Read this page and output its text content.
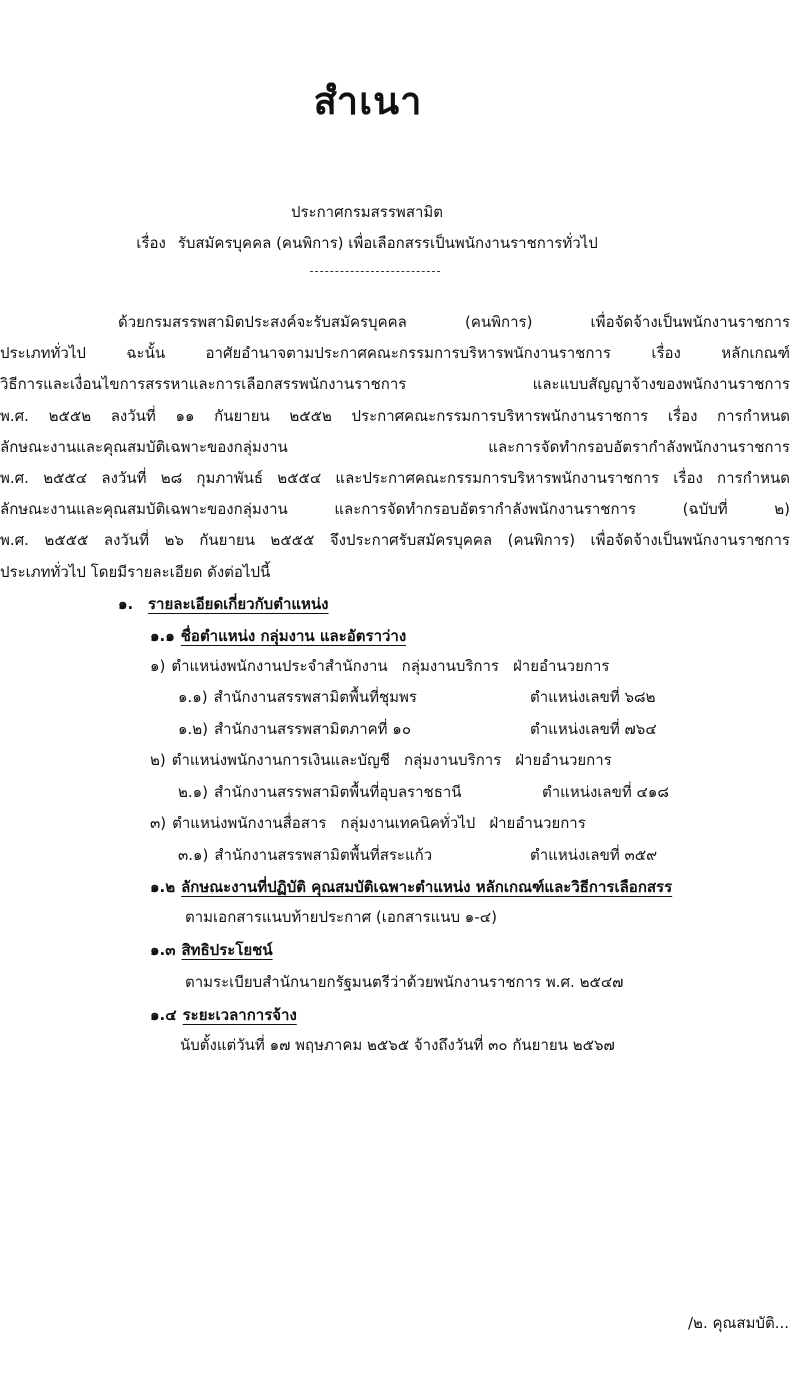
สำเนา
ประกาศกรมสรรพสามิต
เรื่อง รับสมัครบุคคล (คนพิการ) เพื่อเลือกสรรเป็นพนักงานราชการทั่วไป
ด้วยกรมสรรพสามิตประสงค์จะรับสมัครบุคคล (คนพิการ) เพื่อจัดจ้างเป็นพนักงานราชการ
ประเภททั่วไป ฉะนั้น อาศัยอำนาจตามประกาศคณะกรรมการบริหารพนักงานราชการ เรื่อง หลักเกณฑ์
วิธีการและเงื่อนไขการสรรหาและการเลือกสรรพนักงานราชการ และแบบสัญญาจ้างของพนักงานราชการ
พ.ศ. ๒๕๕๒ ลงวันที่ ๑๑ กันยายน ๒๕๕๒ ประกาศคณะกรรมการบริหารพนักงานราชการ เรื่อง การกำหนด
ลักษณะงานและคุณสมบัติเฉพาะของกลุ่มงาน และการจัดทำกรอบอัตรากำลังพนักงานราชการ
พ.ศ. ๒๕๕๔ ลงวันที่ ๒๘ กุมภาพันธ์ ๒๕๕๔ และประกาศคณะกรรมการบริหารพนักงานราชการ เรื่อง การกำหนด
ลักษณะงานและคุณสมบัติเฉพาะของกลุ่มงาน และการจัดทำกรอบอัตรากำลังพนักงานราชการ (ฉบับที่ ๒)
พ.ศ. ๒๕๕๕ ลงวันที่ ๒๖ กันยายน ๒๕๕๕ จึงประกาศรับสมัครบุคคล (คนพิการ) เพื่อจัดจ้างเป็นพนักงานราชการ
ประเภททั่วไป โดยมีรายละเอียด ดังต่อไปนี้
๑. รายละเอียดเกี่ยวกับตำแหน่ง
๑.๑ ชื่อตำแหน่ง กลุ่มงาน และอัตราว่าง
๑) ตำแหน่งพนักงานประจำสำนักงาน กลุ่มงานบริการ ฝ่ายอำนวยการ
๑.๑) สำนักงานสรรพสามิตพื้นที่ชุมพร	ตำแหน่งเลขที่ ๖๘๒
๑.๒) สำนักงานสรรพสามิตภาคที่ ๑๐	ตำแหน่งเลขที่ ๗๖๔
๒) ตำแหน่งพนักงานการเงินและบัญชี กลุ่มงานบริการ ฝ่ายอำนวยการ
๒.๑) สำนักงานสรรพสามิตพื้นที่อุบลราชธานี	ตำแหน่งเลขที่ ๔๑๘
๓) ตำแหน่งพนักงานสื่อสาร กลุ่มงานเทคนิคทั่วไป ฝ่ายอำนวยการ
๓.๑) สำนักงานสรรพสามิตพื้นที่สระแก้ว	ตำแหน่งเลขที่ ๓๕๙
๑.๒ ลักษณะงานที่ปฏิบัติ คุณสมบัติเฉพาะตำแหน่ง หลักเกณฑ์และวิธีการเลือกสรร
ตามเอกสารแนบท้ายประกาศ (เอกสารแนบ ๑-๔)
๑.๓ สิทธิประโยชน์
ตามระเบียบสำนักนายกรัฐมนตรีว่าด้วยพนักงานราชการ พ.ศ. ๒๕๔๗
๑.๔ ระยะเวลาการจ้าง
นับตั้งแต่วันที่ ๑๗ พฤษภาคม ๒๕๖๕ จ้างถึงวันที่ ๓๐ กันยายน ๒๕๖๗
/๒. คุณสมบัติ...
